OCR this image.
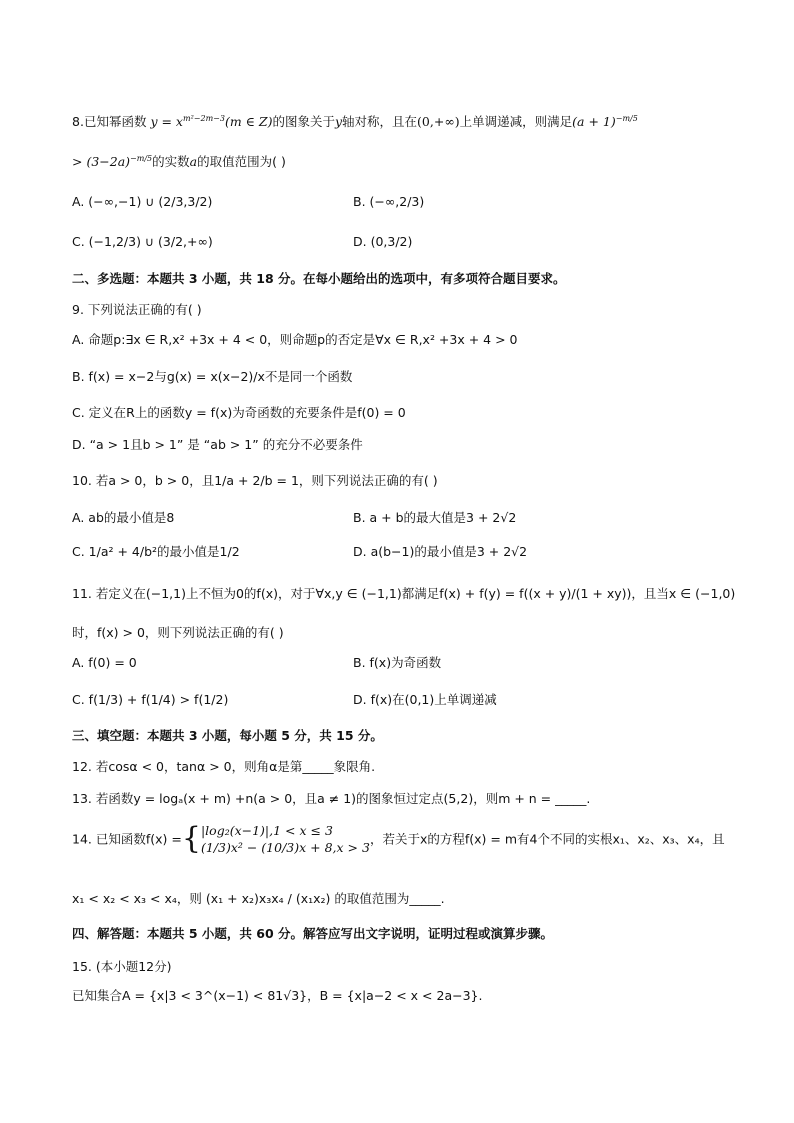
8.已知幂函数 $y = x^{m^2-2m-3}(m$ ∈ Z)的图象关于y轴对称，且在(0,+∞)上单调递减，则满足$(a + 1)^{-m/5}$
> $(3-2a)^{-m/5}$的实数a的取值范围为( )
A. (−∞,−1) ∪ (2/3,3/2)	B. (−∞,2/3)
C. (−1,2/3) ∪ (3/2,+∞)	D. (0,3/2)
二、多选题：本题共 3 小题，共 18 分。在每小题给出的选项中，有多项符合题目要求。
9. 下列说法正确的有( )
A. 命题p:∃x ∈ R,x² +3x + 4 < 0，则命题p的否定是∀x ∈ R,x² +3x + 4 > 0
B. f(x) = x−2与g(x) = x(x−2)/x不是同一个函数
C. 定义在R上的函数y = f(x)为奇函数的充要条件是f(0) = 0
D. “a > 1且b > 1” 是 “ab > 1” 的充分不必要条件
10. 若a > 0，b > 0，且1/a + 2/b = 1，则下列说法正确的有( )
A. ab的最小值是8	B. a + b的最大值是3 + 2√2
C. 1/a² + 4/b²的最小值是1/2	D. a(b−1)的最小值是3 + 2√2
11. 若定义在(−1,1)上不恒为0的f(x)，对于∀x,y ∈ (−1,1)都满足f(x) + f(y) = f((x + y)/(1 + xy))，且当x ∈ (−1,0)
时，f(x) > 0，则下列说法正确的有( )
A. f(0) = 0	B. f(x)为奇函数
C. f(1/3) + f(1/4) > f(1/2)	D. f(x)在(0,1)上单调递减
三、填空题：本题共 3 小题，每小题 5 分，共 15 分。
12. 若cosα < 0，tanα > 0，则角α是第_____象限角.
13. 若函数y = logₐ(x + m) +n(a > 0，且a ≠ 1)的图象恒过定点(5,2)，则m + n = _____.
14. 已知函数f(x) ={ |log₂(x−1)|,1 < x ≤ 3
(1/3)x² − (10/3)x + 8,x > 3
，若关于x的方程f(x) = m有4个不同的实根x₁、x₂、x₃、x₄，且
x₁ < x₂ < x₃ < x₄，则 (x₁ + x₂)x₃x₄ / (x₁x₂) 的取值范围为_____.
四、解答题：本题共 5 小题，共 60 分。解答应写出文字说明，证明过程或演算步骤。
15. (本小题12分)
已知集合A = {x|3 < 3^(x−1) < 81√3}，B = {x|a−2 < x < 2a−3}.
